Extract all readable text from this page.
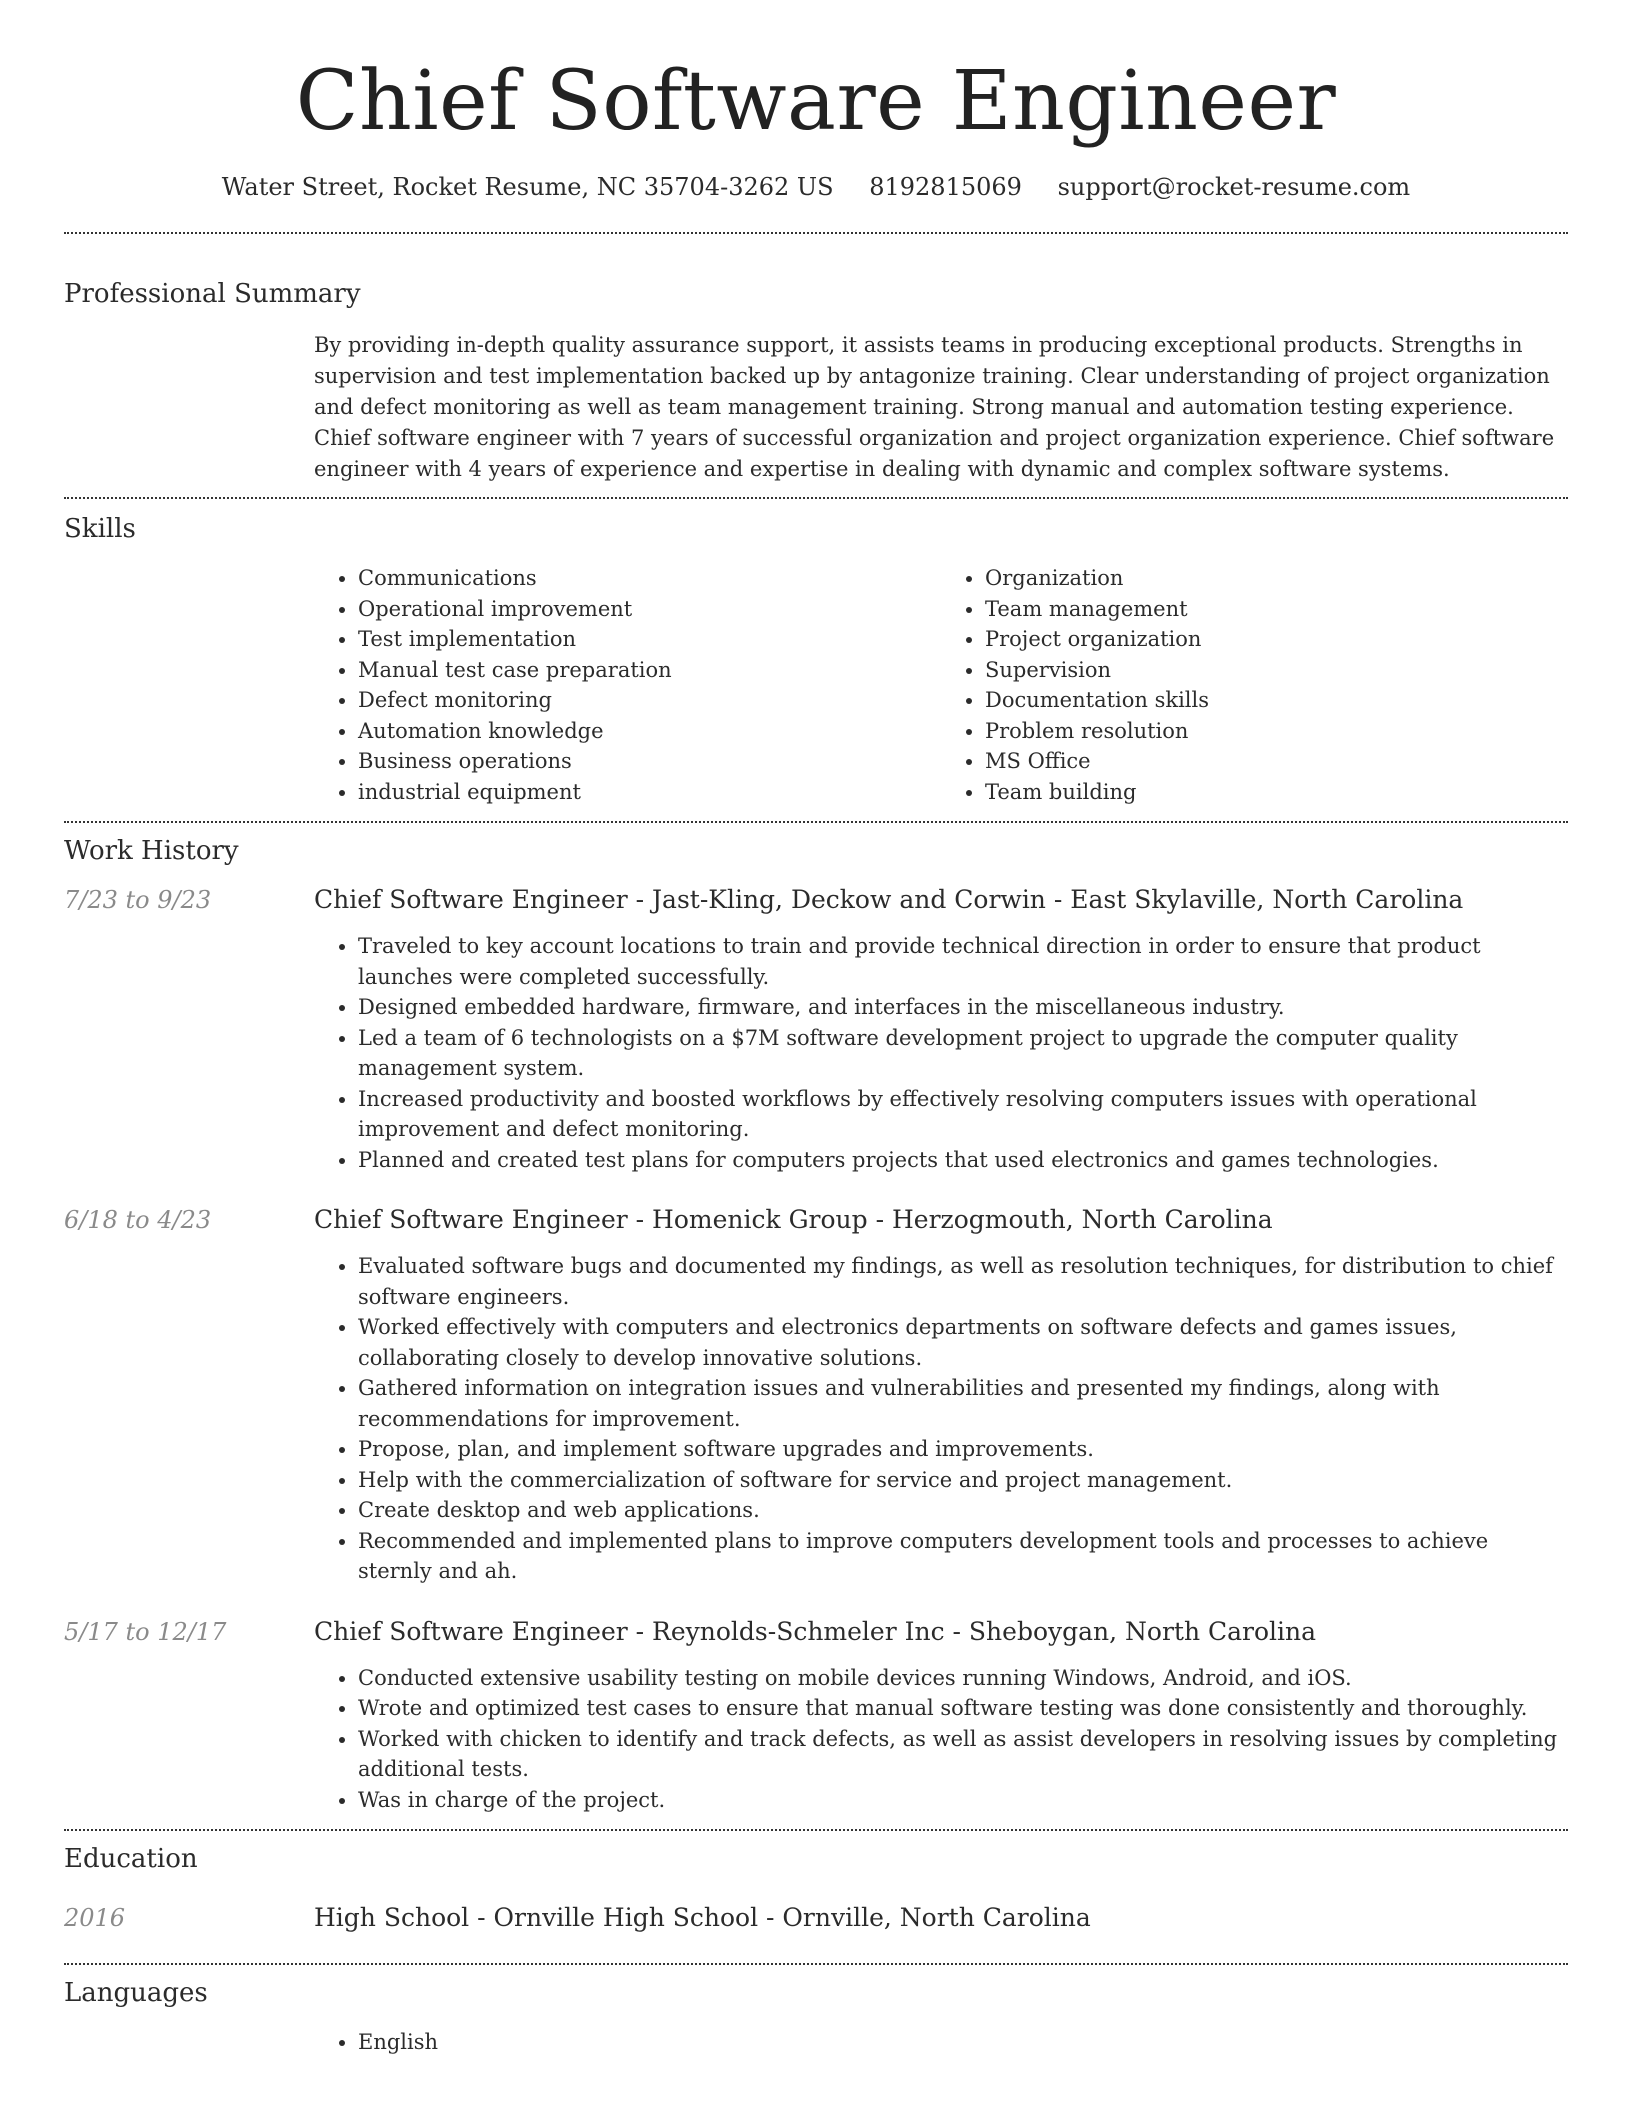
Chief Software Engineer
Water Street, Rocket Resume, NC 35704-3262 US 8192815069 support@rocket-resume.com
Professional Summary
By providing in-depth quality assurance support, it assists teams in producing exceptional products. Strengths in supervision and test implementation backed up by antagonize training. Clear understanding of project organization and defect monitoring as well as team management training. Strong manual and automation testing experience. Chief software engineer with 7 years of successful organization and project organization experience. Chief software engineer with 4 years of experience and expertise in dealing with dynamic and complex software systems.
Skills
• Communications
• Operational improvement
• Test implementation
• Manual test case preparation
• Defect monitoring
• Automation knowledge
• Business operations
• industrial equipment
• Organization
• Team management
• Project organization
• Supervision
• Documentation skills
• Problem resolution
• MS Office
• Team building
Work History
7/23 to 9/23	Chief Software Engineer - Jast-Kling, Deckow and Corwin - East Skylaville, North Carolina
• Traveled to key account locations to train and provide technical direction in order to ensure that product launches were completed successfully.
• Designed embedded hardware, firmware, and interfaces in the miscellaneous industry.
• Led a team of 6 technologists on a $7M software development project to upgrade the computer quality management system.
• Increased productivity and boosted workflows by effectively resolving computers issues with operational improvement and defect monitoring.
• Planned and created test plans for computers projects that used electronics and games technologies.
6/18 to 4/23	Chief Software Engineer - Homenick Group - Herzogmouth, North Carolina
• Evaluated software bugs and documented my findings, as well as resolution techniques, for distribution to chief software engineers.
• Worked effectively with computers and electronics departments on software defects and games issues, collaborating closely to develop innovative solutions.
• Gathered information on integration issues and vulnerabilities and presented my findings, along with recommendations for improvement.
• Propose, plan, and implement software upgrades and improvements.
• Help with the commercialization of software for service and project management.
• Create desktop and web applications.
• Recommended and implemented plans to improve computers development tools and processes to achieve sternly and ah.
5/17 to 12/17	Chief Software Engineer - Reynolds-Schmeler Inc - Sheboygan, North Carolina
• Conducted extensive usability testing on mobile devices running Windows, Android, and iOS.
• Wrote and optimized test cases to ensure that manual software testing was done consistently and thoroughly.
• Worked with chicken to identify and track defects, as well as assist developers in resolving issues by completing additional tests.
• Was in charge of the project.
Education
2016	High School - Ornville High School - Ornville, North Carolina
Languages
• English
